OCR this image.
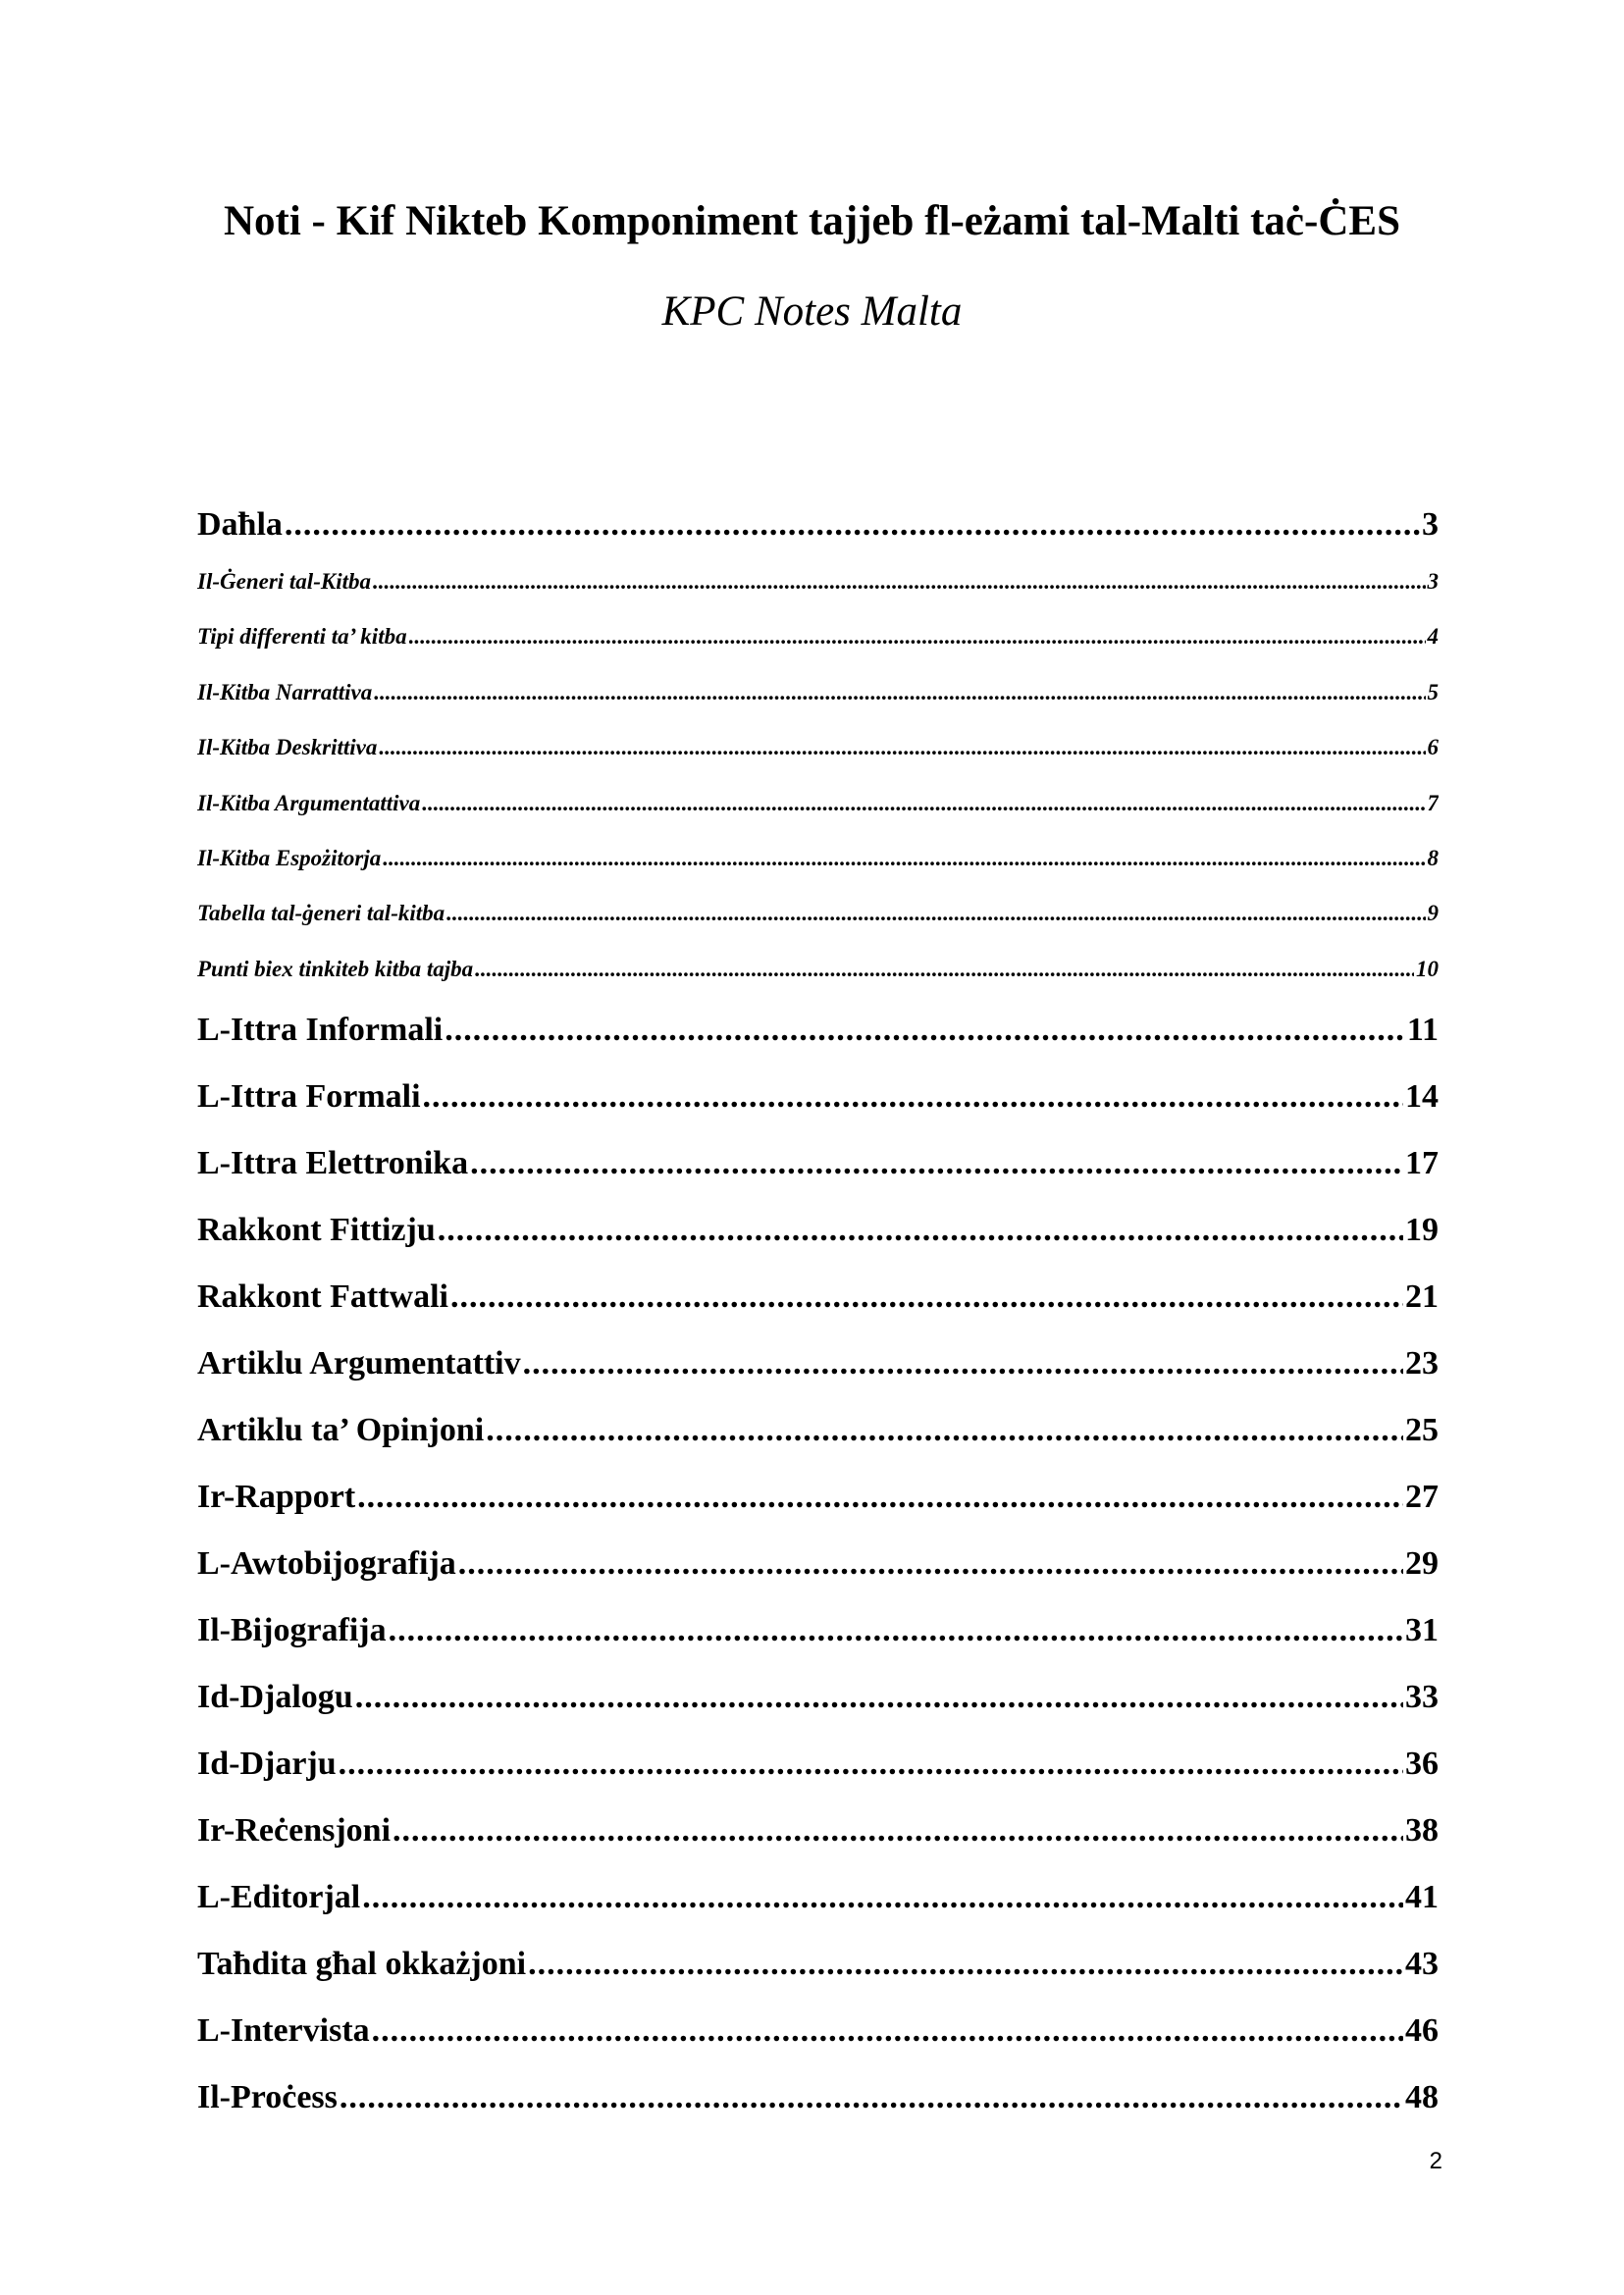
Noti - Kif Nikteb Komponiment tajjeb fl-eżami tal-Malti taċ-ĊES
KPC Notes Malta
Daħla .....	3
Il-Ġeneri tal-Kitba .....	3
Tipi differenti ta’ kitba .....	4
Il-Kitba Narrattiva .....	5
Il-Kitba Deskrittiva .....	6
Il-Kitba Argumentattiva .....	7
Il-Kitba Espożitorja .....	8
Tabella tal-ġeneri tal-kitba .....	9
Punti biex tinkiteb kitba tajba .....	10
L-Ittra Informali .....	11
L-Ittra Formali .....	14
L-Ittra Elettronika .....	17
Rakkont Fittizju .....	19
Rakkont Fattwali .....	21
Artiklu Argumentattiv .....	23
Artiklu ta’ Opinjoni .....	25
Ir-Rapport .....	27
L-Awtobijografija .....	29
Il-Bijografija .....	31
Id-Djalogu .....	33
Id-Djarju .....	36
Ir-Reċensjoni .....	38
L-Editorjal .....	41
Taħdita għal okkażjoni .....	43
L-Intervista .....	46
Il-Proċess .....	48
2
